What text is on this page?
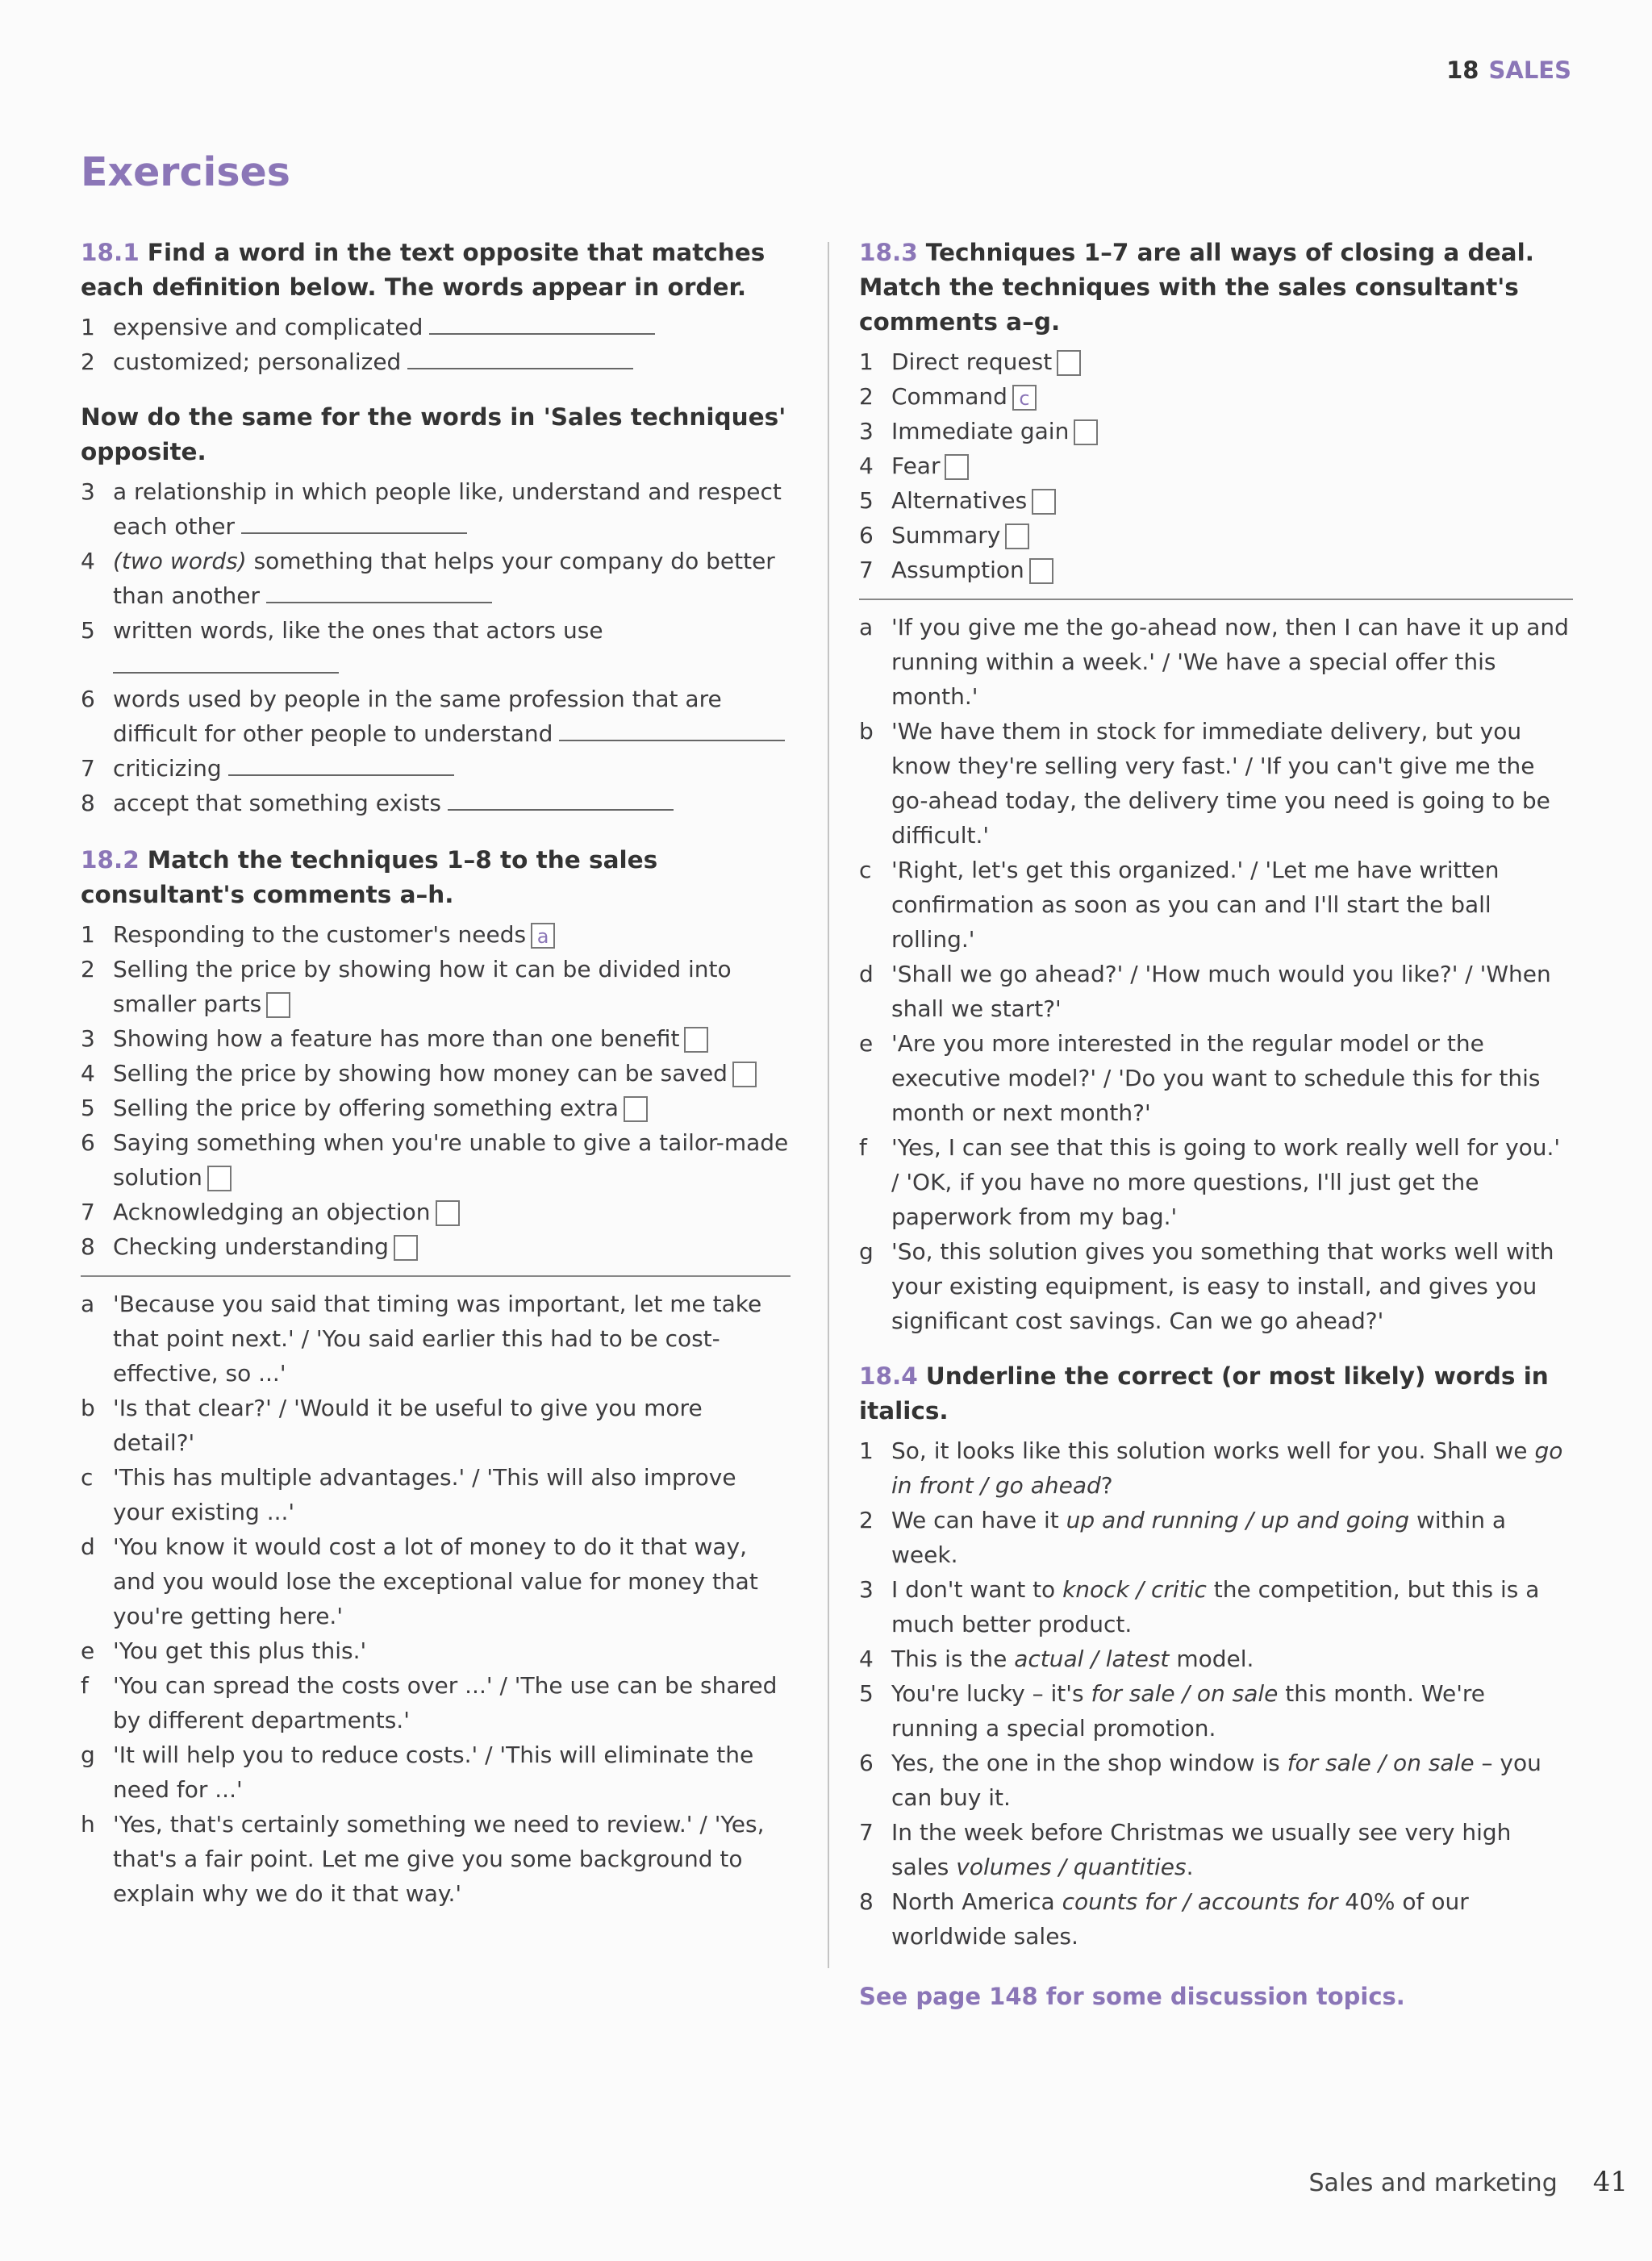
18 SALES
Exercises
18.1 Find a word in the text opposite that matches each definition below. The words appear in order.
1 expensive and complicated
2 customized; personalized
Now do the same for the words in 'Sales techniques' opposite.
3 a relationship in which people like, understand and respect each other
4 (two words) something that helps your company do better than another
5 written words, like the ones that actors use
6 words used by people in the same profession that are difficult for other people to understand
7 criticizing
8 accept that something exists
18.2 Match the techniques 1–8 to the sales consultant's comments a–h.
1 Responding to the customer's needs a
2 Selling the price by showing how it can be divided into smaller parts
3 Showing how a feature has more than one benefit
4 Selling the price by showing how money can be saved
5 Selling the price by offering something extra
6 Saying something when you're unable to give a tailor-made solution
7 Acknowledging an objection
8 Checking understanding
a 'Because you said that timing was important, let me take that point next.' / 'You said earlier this had to be cost-effective, so ...'
b 'Is that clear?' / 'Would it be useful to give you more detail?'
c 'This has multiple advantages.' / 'This will also improve your existing ...'
d 'You know it would cost a lot of money to do it that way, and you would lose the exceptional value for money that you're getting here.'
e 'You get this plus this.'
f 'You can spread the costs over ...' / 'The use can be shared by different departments.'
g 'It will help you to reduce costs.' / 'This will eliminate the need for ...'
h 'Yes, that's certainly something we need to review.' / 'Yes, that's a fair point. Let me give you some background to explain why we do it that way.'
18.3 Techniques 1–7 are all ways of closing a deal. Match the techniques with the sales consultant's comments a–g.
1 Direct request
2 Command c
3 Immediate gain
4 Fear
5 Alternatives
6 Summary
7 Assumption
a 'If you give me the go-ahead now, then I can have it up and running within a week.' / 'We have a special offer this month.'
b 'We have them in stock for immediate delivery, but you know they're selling very fast.' / 'If you can't give me the go-ahead today, the delivery time you need is going to be difficult.'
c 'Right, let's get this organized.' / 'Let me have written confirmation as soon as you can and I'll start the ball rolling.'
d 'Shall we go ahead?' / 'How much would you like?' / 'When shall we start?'
e 'Are you more interested in the regular model or the executive model?' / 'Do you want to schedule this for this month or next month?'
f 'Yes, I can see that this is going to work really well for you.' / 'OK, if you have no more questions, I'll just get the paperwork from my bag.'
g 'So, this solution gives you something that works well with your existing equipment, is easy to install, and gives you significant cost savings. Can we go ahead?'
18.4 Underline the correct (or most likely) words in italics.
1 So, it looks like this solution works well for you. Shall we go in front / go ahead?
2 We can have it up and running / up and going within a week.
3 I don't want to knock / critic the competition, but this is a much better product.
4 This is the actual / latest model.
5 You're lucky – it's for sale / on sale this month. We're running a special promotion.
6 Yes, the one in the shop window is for sale / on sale – you can buy it.
7 In the week before Christmas we usually see very high sales volumes / quantities.
8 North America counts for / accounts for 40% of our worldwide sales.
See page 148 for some discussion topics.
Sales and marketing 41
